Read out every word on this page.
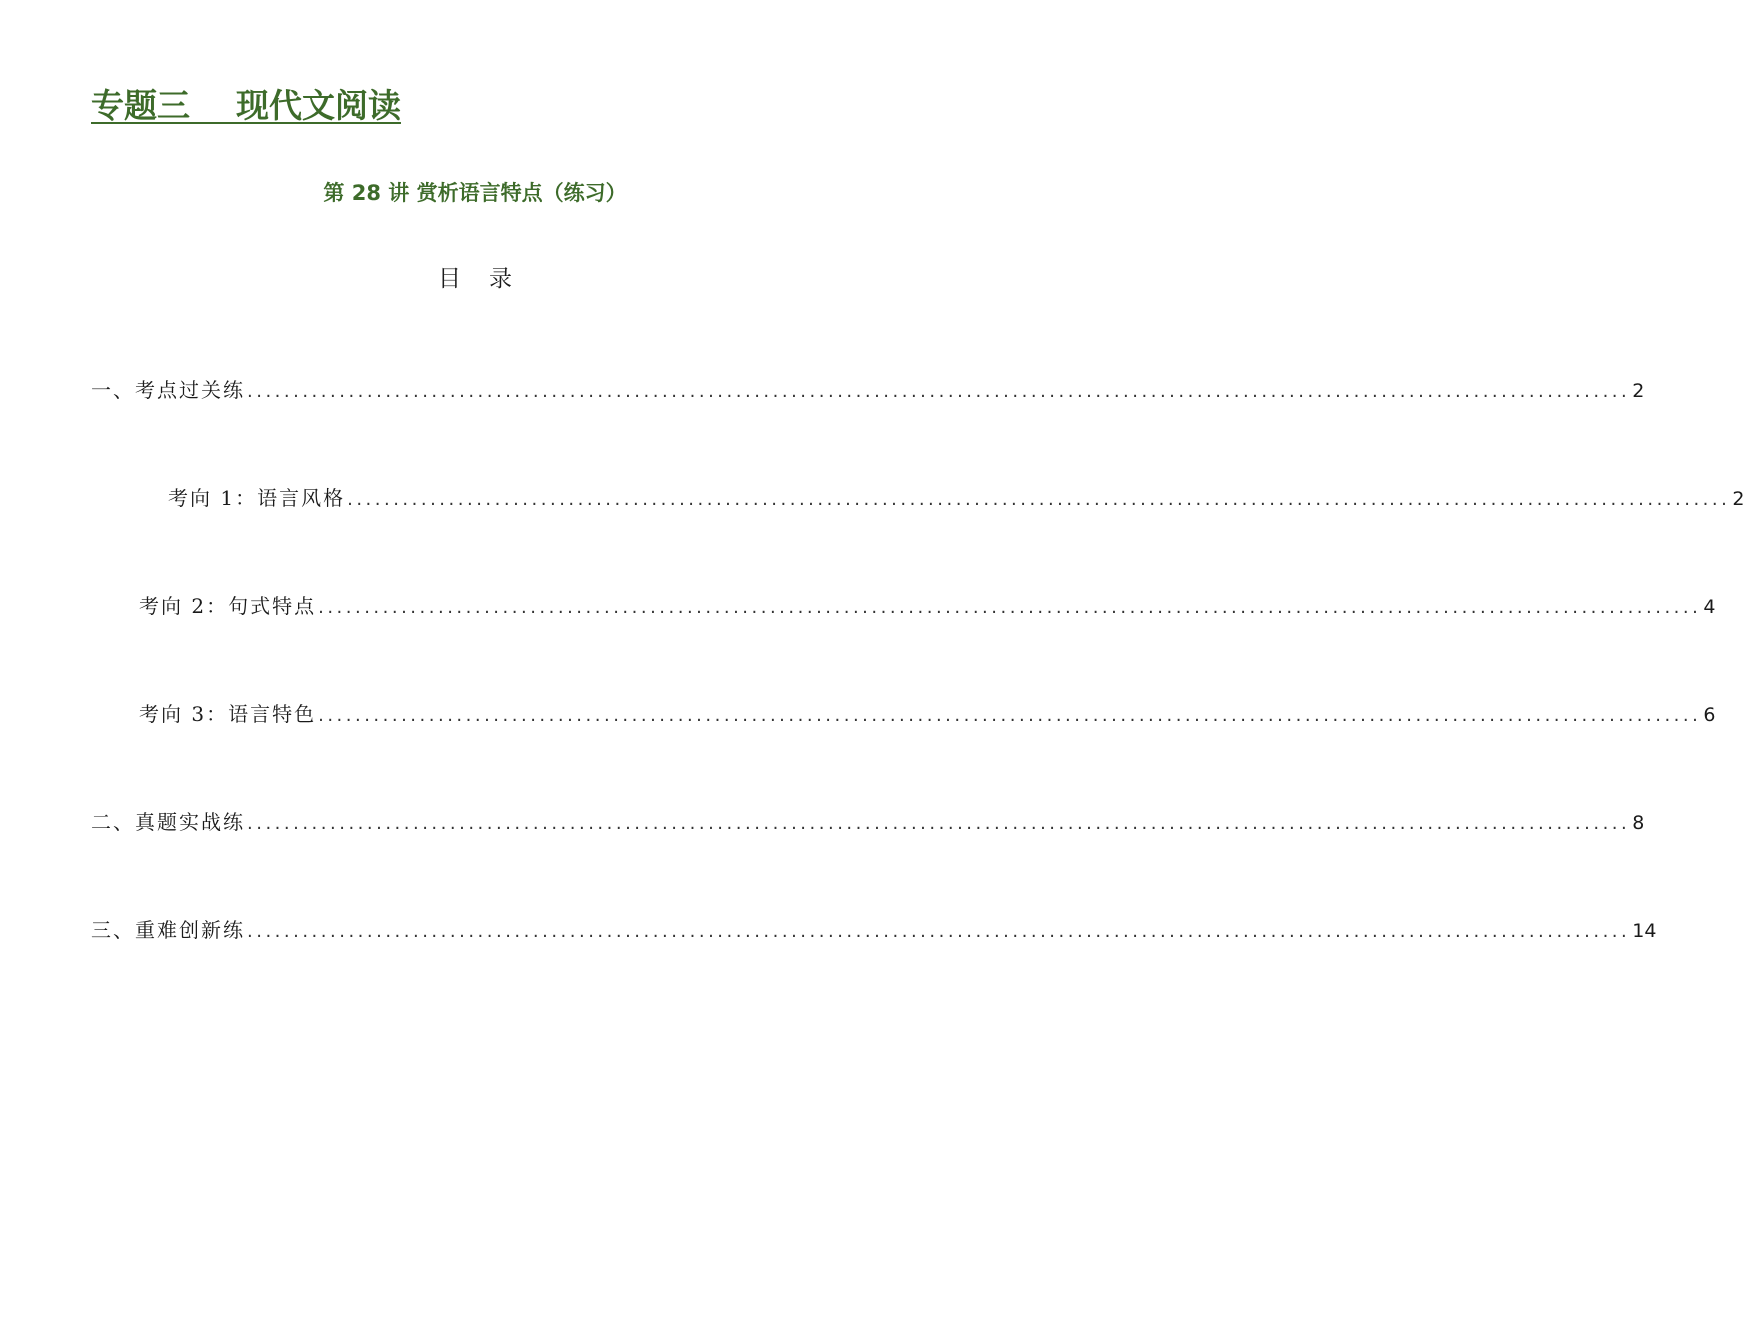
专题三    现代文阅读
第 28 讲 赏析语言特点（练习）
目录
一、考点过关练 ...................................................................................................................................................... 2
考向 1：语言风格 ...................................................................................................................................................... 2
考向 2：句式特点 ...................................................................................................................................................... 4
考向 3：语言特色 ...................................................................................................................................................... 6
二、真题实战练 ...................................................................................................................................................... 8
三、重难创新练 ...................................................................................................................................................... 14
